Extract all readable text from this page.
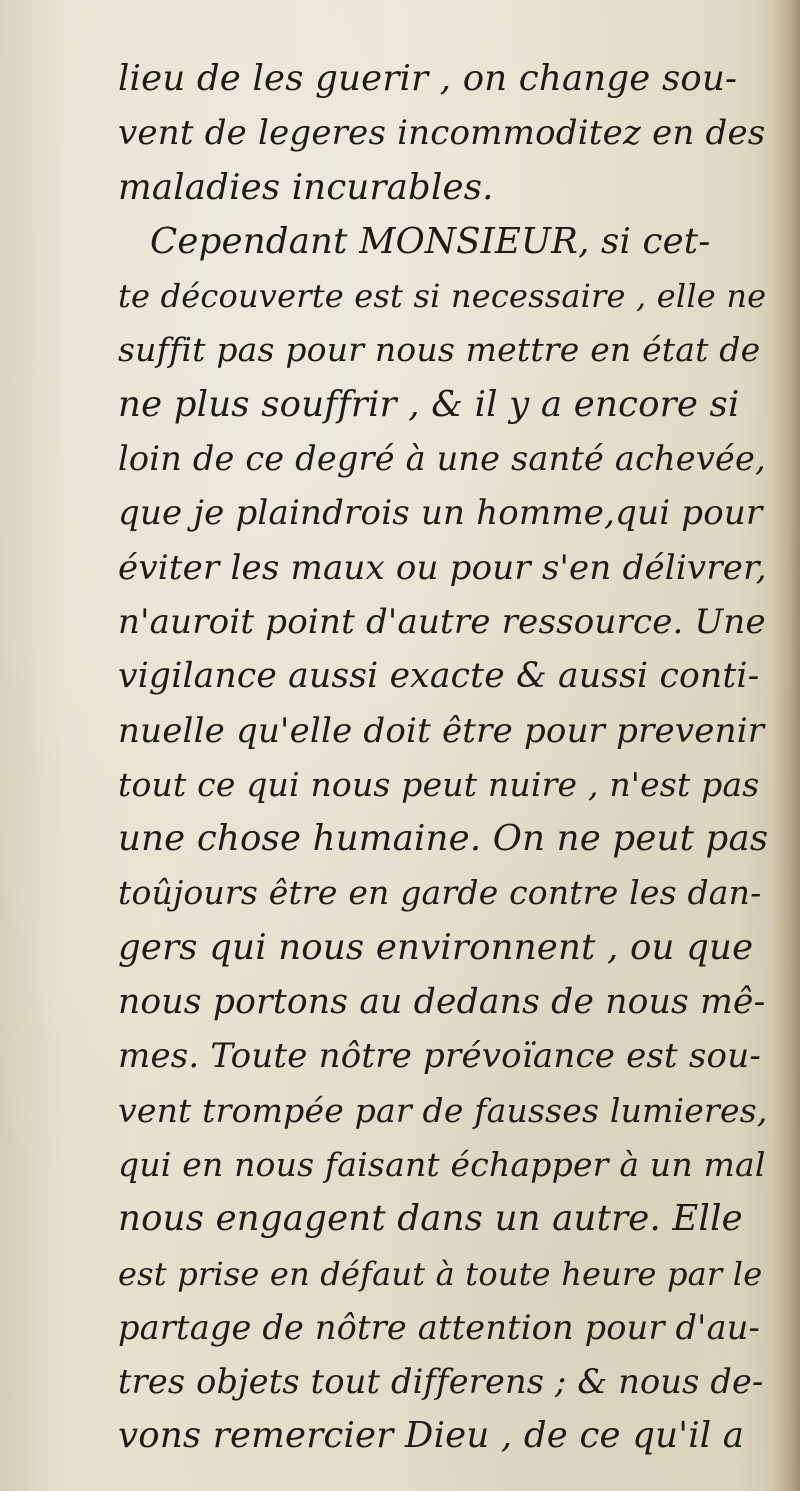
lieu de les guerir , on change sou-
vent de legeres incommoditez en des
maladies incurables.
Cependant MONSIEUR, si cet-
te découverte est si necessaire , elle ne
suffit pas pour nous mettre en état de
ne plus souffrir , & il y a encore si
loin de ce degré à une santé achevée,
que je plaindrois un homme,qui pour
éviter les maux ou pour s'en délivrer,
n'auroit point d'autre ressource. Une
vigilance aussi exacte & aussi conti-
nuelle qu'elle doit être pour prevenir
tout ce qui nous peut nuire , n'est pas
une chose humaine. On ne peut pas
toûjours être en garde contre les dan-
gers qui nous environnent , ou que
nous portons au dedans de nous mê-
mes. Toute nôtre prévoïance est sou-
vent trompée par de fausses lumieres,
qui en nous faisant échapper à un mal
nous engagent dans un autre. Elle
est prise en défaut à toute heure par le
partage de nôtre attention pour d'au-
tres objets tout differens ; & nous de-
vons remercier Dieu , de ce qu'il a
